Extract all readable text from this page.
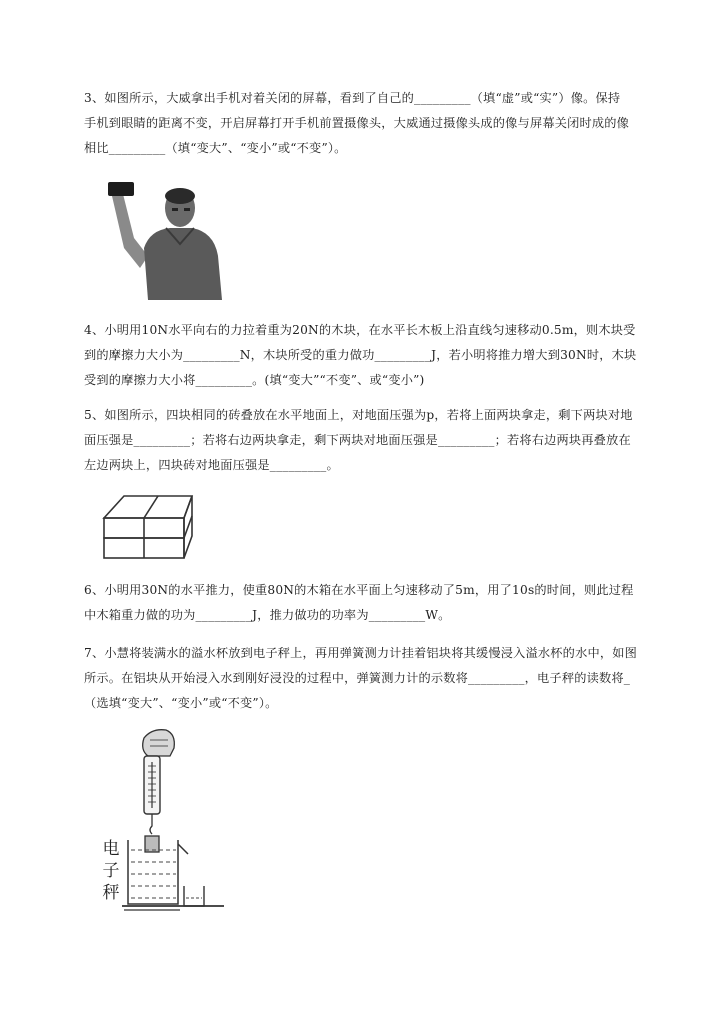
3、如图所示，大威拿出手机对着关闭的屏幕，看到了自己的_________（填“虚”或“实”）像。保持
手机到眼睛的距离不变，开启屏幕打开手机前置摄像头，大威通过摄像头成的像与屏幕关闭时成的像
相比_________（填“变大”、“变小”或“不变”）。
4、小明用10N水平向右的力拉着重为20N的木块，在水平长木板上沿直线匀速移动0.5m，则木块受
到的摩擦力大小为_________N，木块所受的重力做功_________J，若小明将推力增大到30N时，木块
受到的摩擦力大小将_________。(填“变大”“不变”、或“变小”)
5、如图所示，四块相同的砖叠放在水平地面上，对地面压强为p，若将上面两块拿走，剩下两块对地
面压强是_________；若将右边两块拿走，剩下两块对地面压强是_________；若将右边两块再叠放在
左边两块上，四块砖对地面压强是_________。
6、小明用30N的水平推力，使重80N的木箱在水平面上匀速移动了5m，用了10s的时间，则此过程
中木箱重力做的功为_________J，推力做功的功率为_________W。
7、小慧将装满水的溢水杯放到电子秤上，再用弹簧测力计挂着铝块将其缓慢浸入溢水杯的水中，如图
所示。在铝块从开始浸入水到刚好浸没的过程中，弹簧测力计的示数将_________，电子秤的读数将_
（选填“变大”、“变小”或“不变”）。
电子秤
